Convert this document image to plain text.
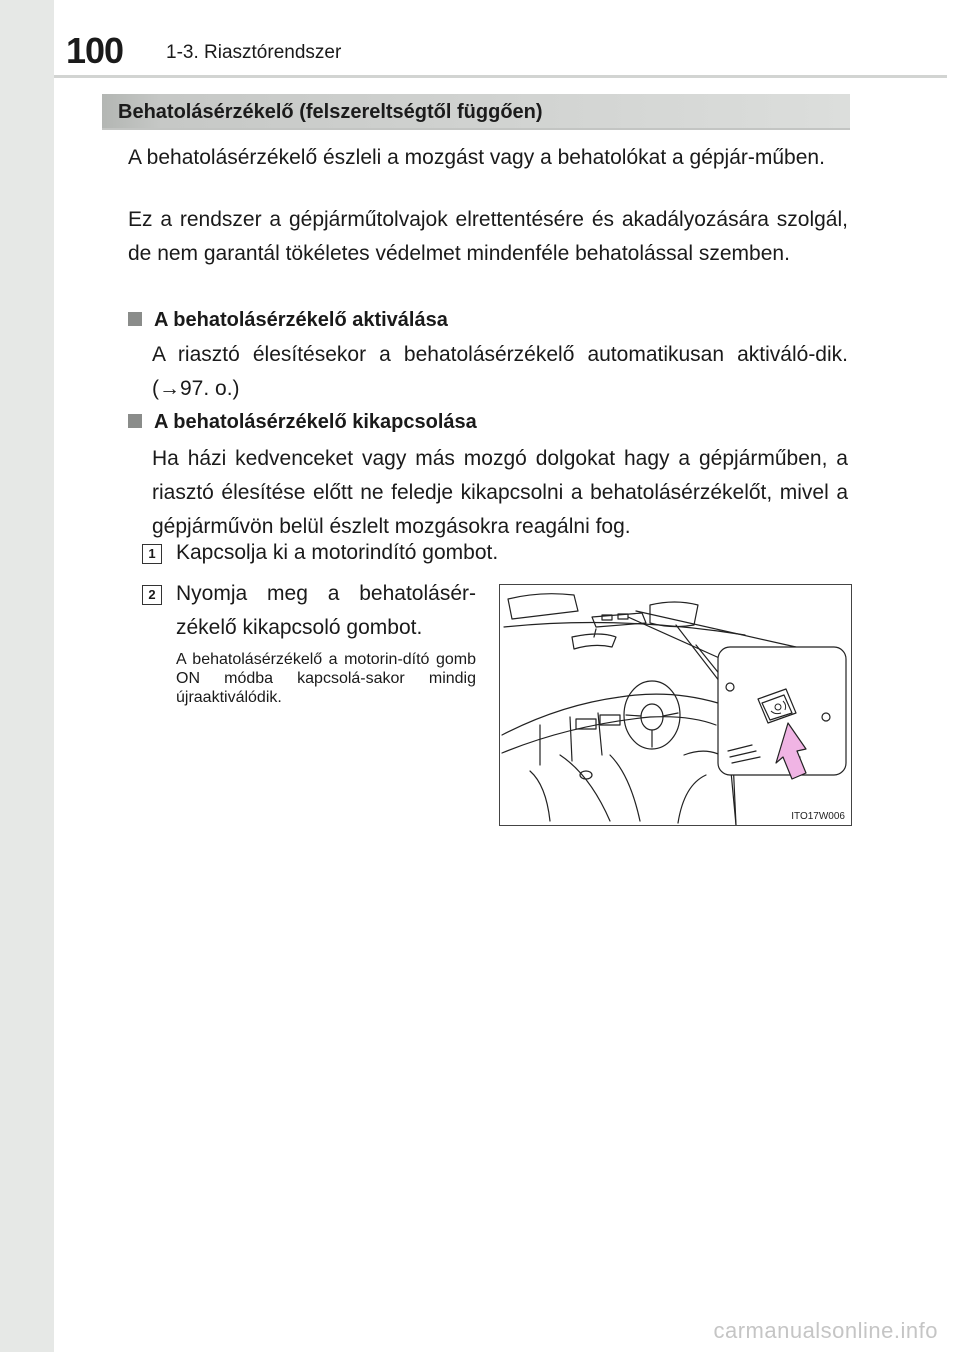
100 1-3. Riasztórendszer
Behatolásérzékelő (felszereltségtől függően)

A behatolásérzékelő észleli a mozgást vagy a behatolókat a gépjár-műben.

Ez a rendszer a gépjárműtolvajok elrettentésére és akadályozására szolgál, de nem garantál tökéletes védelmet mindenféle behatolással szemben.

A behatolásérzékelő aktiválása

A riasztó élesítésekor a behatolásérzékelő automatikusan aktiváló-dik. (→97. o.)

A behatolásérzékelő kikapcsolása

Ha házi kedvenceket vagy más mozgó dolgokat hagy a gépjárműben, a riasztó élesítése előtt ne feledje kikapcsolni a behatolásérzékelőt, mivel a gépjárművön belül észlelt mozgásokra reagálni fog.

1 Kapcsolja ki a motorindító gombot.

2 Nyomja meg a behatolásér-zékelő kikapcsoló gombot.

A behatolásérzékelő a motorin-dító gomb ON módba kapcsolá-sakor mindig újraaktiválódik.

ITO17W006
carmanualsonline.info
